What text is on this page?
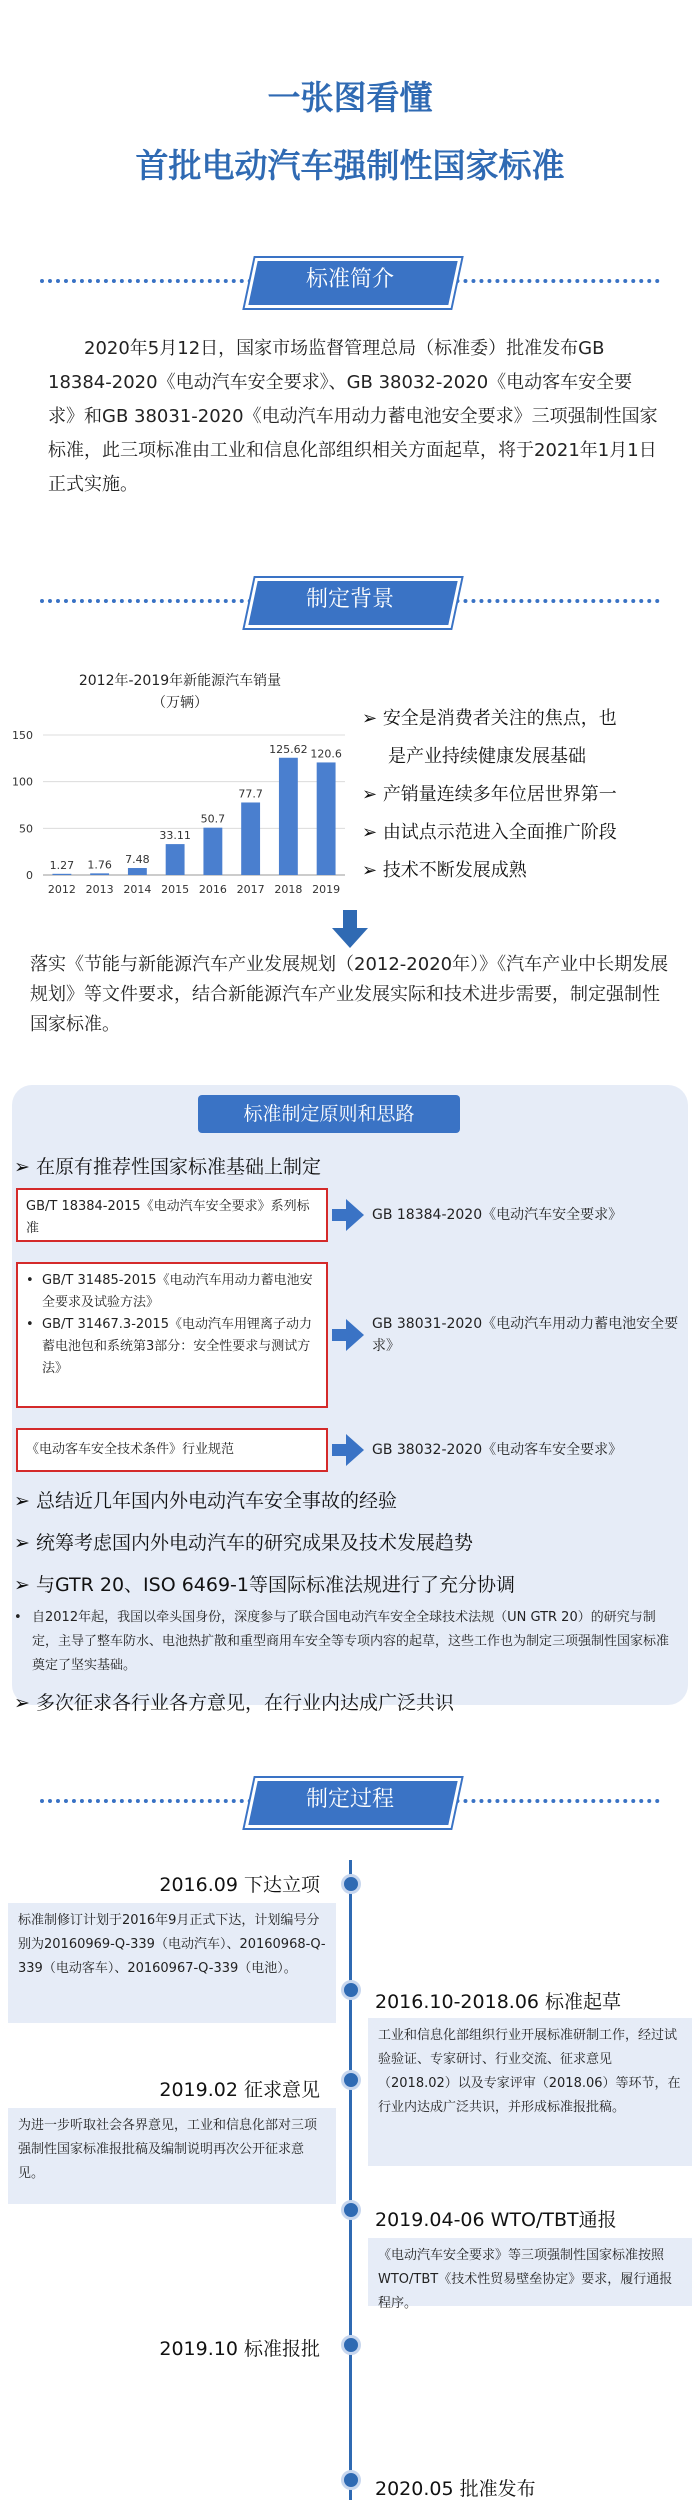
一张图看懂
首批电动汽车强制性国家标准
标准简介
2020年5月12日，国家市场监督管理总局（标准委）批准发布GB 18384-2020《电动汽车安全要求》、GB 38032-2020《电动客车安全要求》和GB 38031-2020《电动汽车用动力蓄电池安全要求》三项强制性国家标准，此三项标准由工业和信息化部组织相关方面起草，将于2021年1月1日正式实施。
制定背景
2012年-2019年新能源汽车销量
（万辆）
0
50
100
150
1.27
2012
1.76
2013
7.48
2014
33.11
2015
50.7
2016
77.7
2017
125.62
2018
120.6
2019
➢ 安全是消费者关注的焦点，也
是产业持续健康发展基础
➢ 产销量连续多年位居世界第一
➢ 由试点示范进入全面推广阶段
➢ 技术不断发展成熟
落实《节能与新能源汽车产业发展规划（2012-2020年）》《汽车产业中长期发展规划》等文件要求，结合新能源汽车产业发展实际和技术进步需要，制定强制性国家标准。
标准制定原则和思路
➢ 在原有推荐性国家标准基础上制定
GB/T 18384-2015《电动汽车安全要求》系列标准
GB 18384-2020《电动汽车安全要求》
• GB/T 31485-2015《电动汽车用动力蓄电池安全要求及试验方法》
• GB/T 31467.3-2015《电动汽车用锂离子动力蓄电池包和系统第3部分：安全性要求与测试方法》
GB 38031-2020《电动汽车用动力蓄电池安全要求》
《电动客车安全技术条件》行业规范	GB 38032-2020《电动客车安全要求》
➢ 总结近几年国内外电动汽车安全事故的经验
➢ 统筹考虑国内外电动汽车的研究成果及技术发展趋势
➢ 与GTR 20、ISO 6469-1等国际标准法规进行了充分协调
• 自2012年起，我国以牵头国身份，深度参与了联合国电动汽车安全全球技术法规（UN GTR 20）的研究与制定，主导了整车防水、电池热扩散和重型商用车安全等专项内容的起草，这些工作也为制定三项强制性国家标准奠定了坚实基础。
➢ 多次征求各行业各方意见，在行业内达成广泛共识
制定过程
2016.09 下达立项
标准制修订计划于2016年9月正式下达，计划编号分别为20160969-Q-339（电动汽车）、20160968-Q-339（电动客车）、20160967-Q-339（电池）。
2016.10-2018.06 标准起草
工业和信息化部组织行业开展标准研制工作，经过试验验证、专家研讨、行业交流、征求意见（2018.02）以及专家评审（2018.06）等环节，在行业内达成广泛共识，并形成标准报批稿。
2019.02 征求意见
为进一步听取社会各界意见，工业和信息化部对三项强制性国家标准报批稿及编制说明再次公开征求意见。
2019.04-06 WTO/TBT通报
《电动汽车安全要求》等三项强制性国家标准按照WTO/TBT《技术性贸易壁垒协定》要求，履行通报程序。
2019.10 标准报批
2020.05 批准发布
